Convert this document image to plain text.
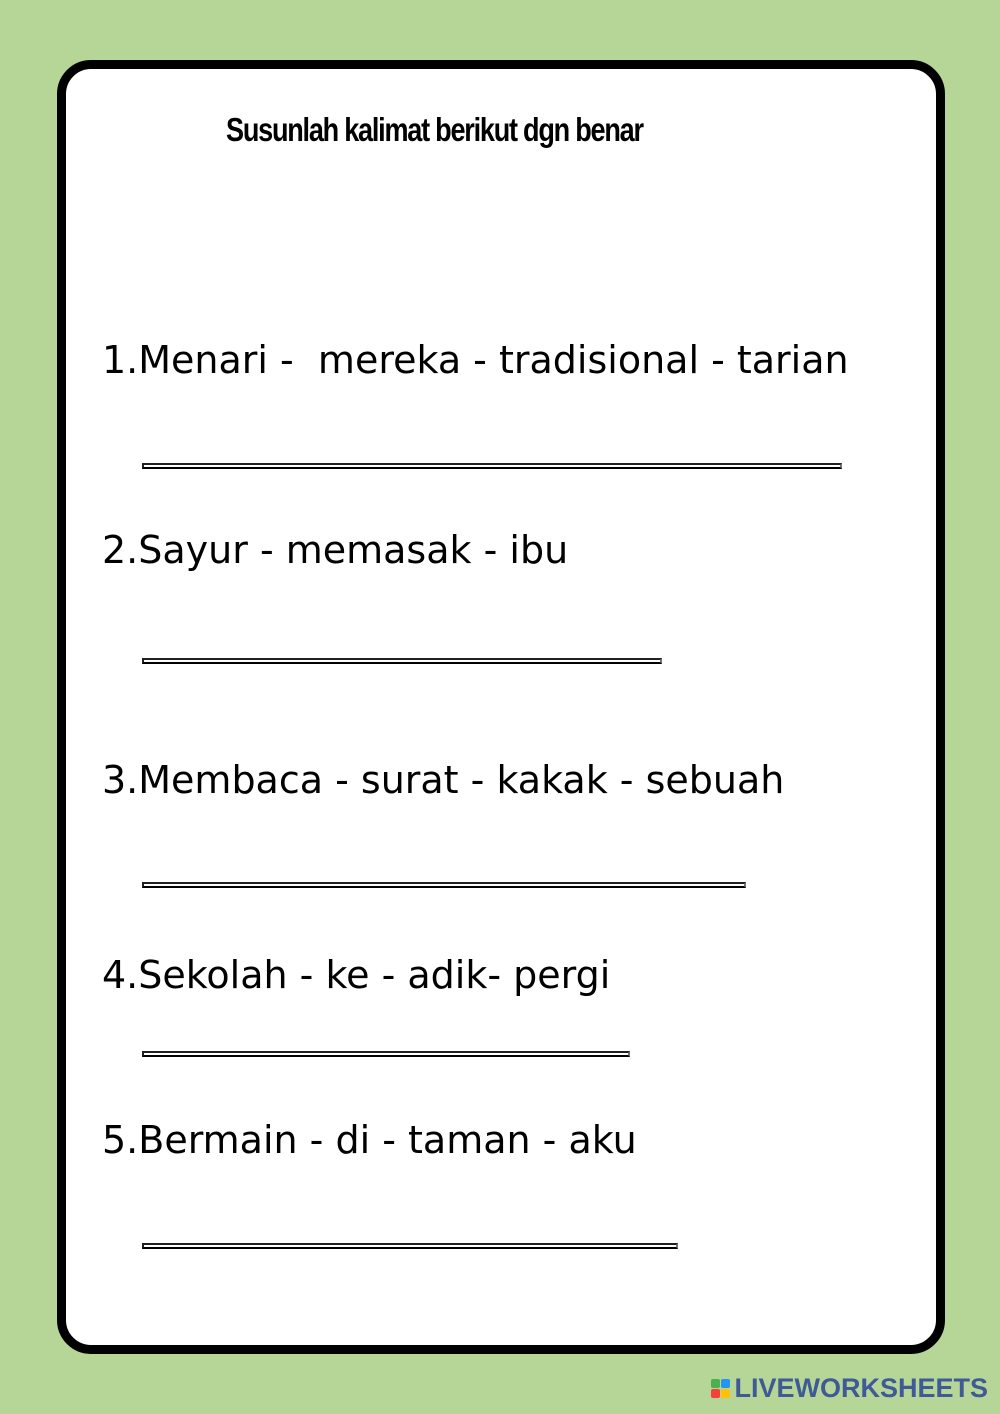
Susunlah kalimat berikut dgn benar

1.Menari -  mereka - tradisional - tarian

2.Sayur - memasak - ibu

3.Membaca - surat - kakak - sebuah

4.Sekolah - ke - adik- pergi

5.Bermain - di - taman - aku

LIVEWORKSHEETS
